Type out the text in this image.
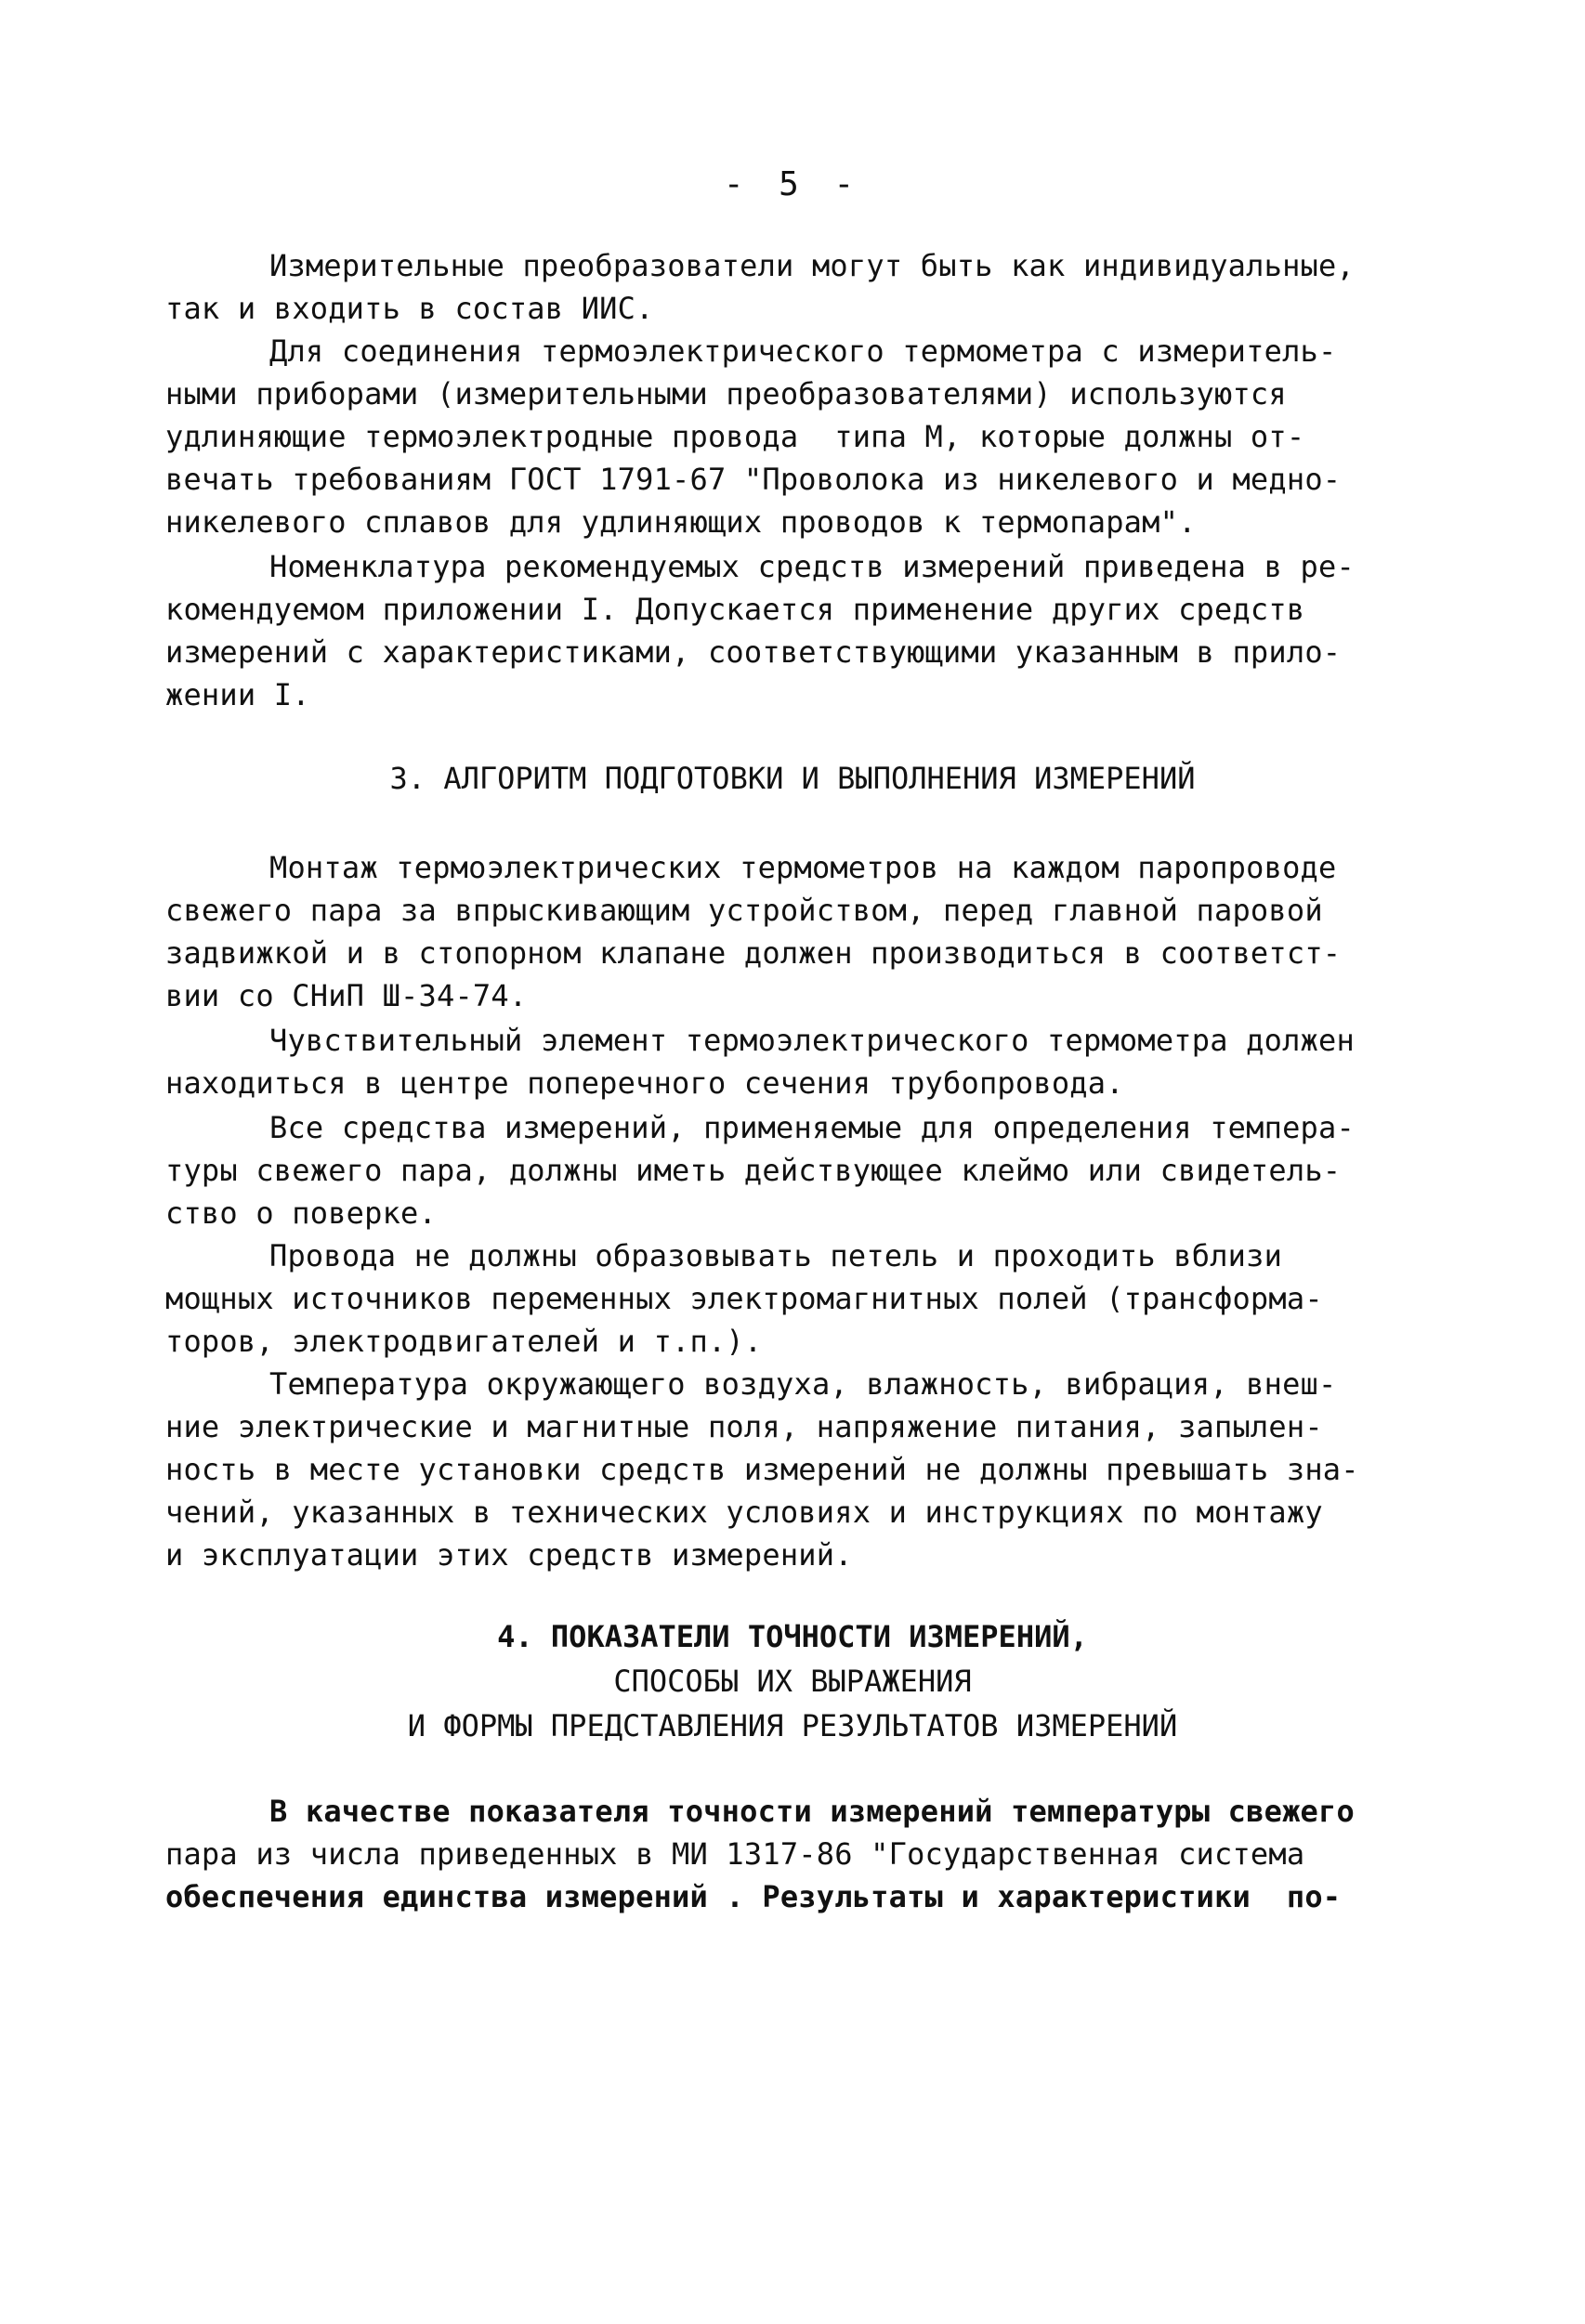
- 5 -
Измерительные преобразователи могут быть как индивидуальные,
так и входить в состав ИИС.
Для соединения термоэлектрического термометра с измеритель-
ными приборами (измерительными преобразователями) используются
удлиняющие термоэлектродные провода  типа М, которые должны от-
вечать требованиям ГОСТ 1791-67 "Проволока из никелевого и медно-
никелевого сплавов для удлиняющих проводов к термопарам".
Номенклатура рекомендуемых средств измерений приведена в ре-
комендуемом приложении I. Допускается применение других средств
измерений с характеристиками, соответствующими указанным в прило-
жении I.
3. АЛГОРИТМ ПОДГОТОВКИ И ВЫПОЛНЕНИЯ ИЗМЕРЕНИЙ
Монтаж термоэлектрических термометров на каждом паропроводе
свежего пара за впрыскивающим устройством, перед главной паровой
задвижкой и в стопорном клапане должен производиться в соответст-
вии со СНиП Ш-34-74.
Чувствительный элемент термоэлектрического термометра должен
находиться в центре поперечного сечения трубопровода.
Все средства измерений, применяемые для определения темпера-
туры свежего пара, должны иметь действующее клеймо или свидетель-
ство о поверке.
Провода не должны образовывать петель и проходить вблизи
мощных источников переменных электромагнитных полей (трансформа-
торов, электродвигателей и т.п.).
Температура окружающего воздуха, влажность, вибрация, внеш-
ние электрические и магнитные поля, напряжение питания, запылен-
ность в месте установки средств измерений не должны превышать зна-
чений, указанных в технических условиях и инструкциях по монтажу
и эксплуатации этих средств измерений.
4. ПОКАЗАТЕЛИ ТОЧНОСТИ ИЗМЕРЕНИЙ,
СПОСОБЫ ИХ ВЫРАЖЕНИЯ
И ФОРМЫ ПРЕДСТАВЛЕНИЯ РЕЗУЛЬТАТОВ ИЗМЕРЕНИЙ
В качестве показателя точности измерений температуры свежего
пара из числа приведенных в МИ 1317-86 "Государственная система
обеспечения единства измерений . Результаты и характеристики  по-
